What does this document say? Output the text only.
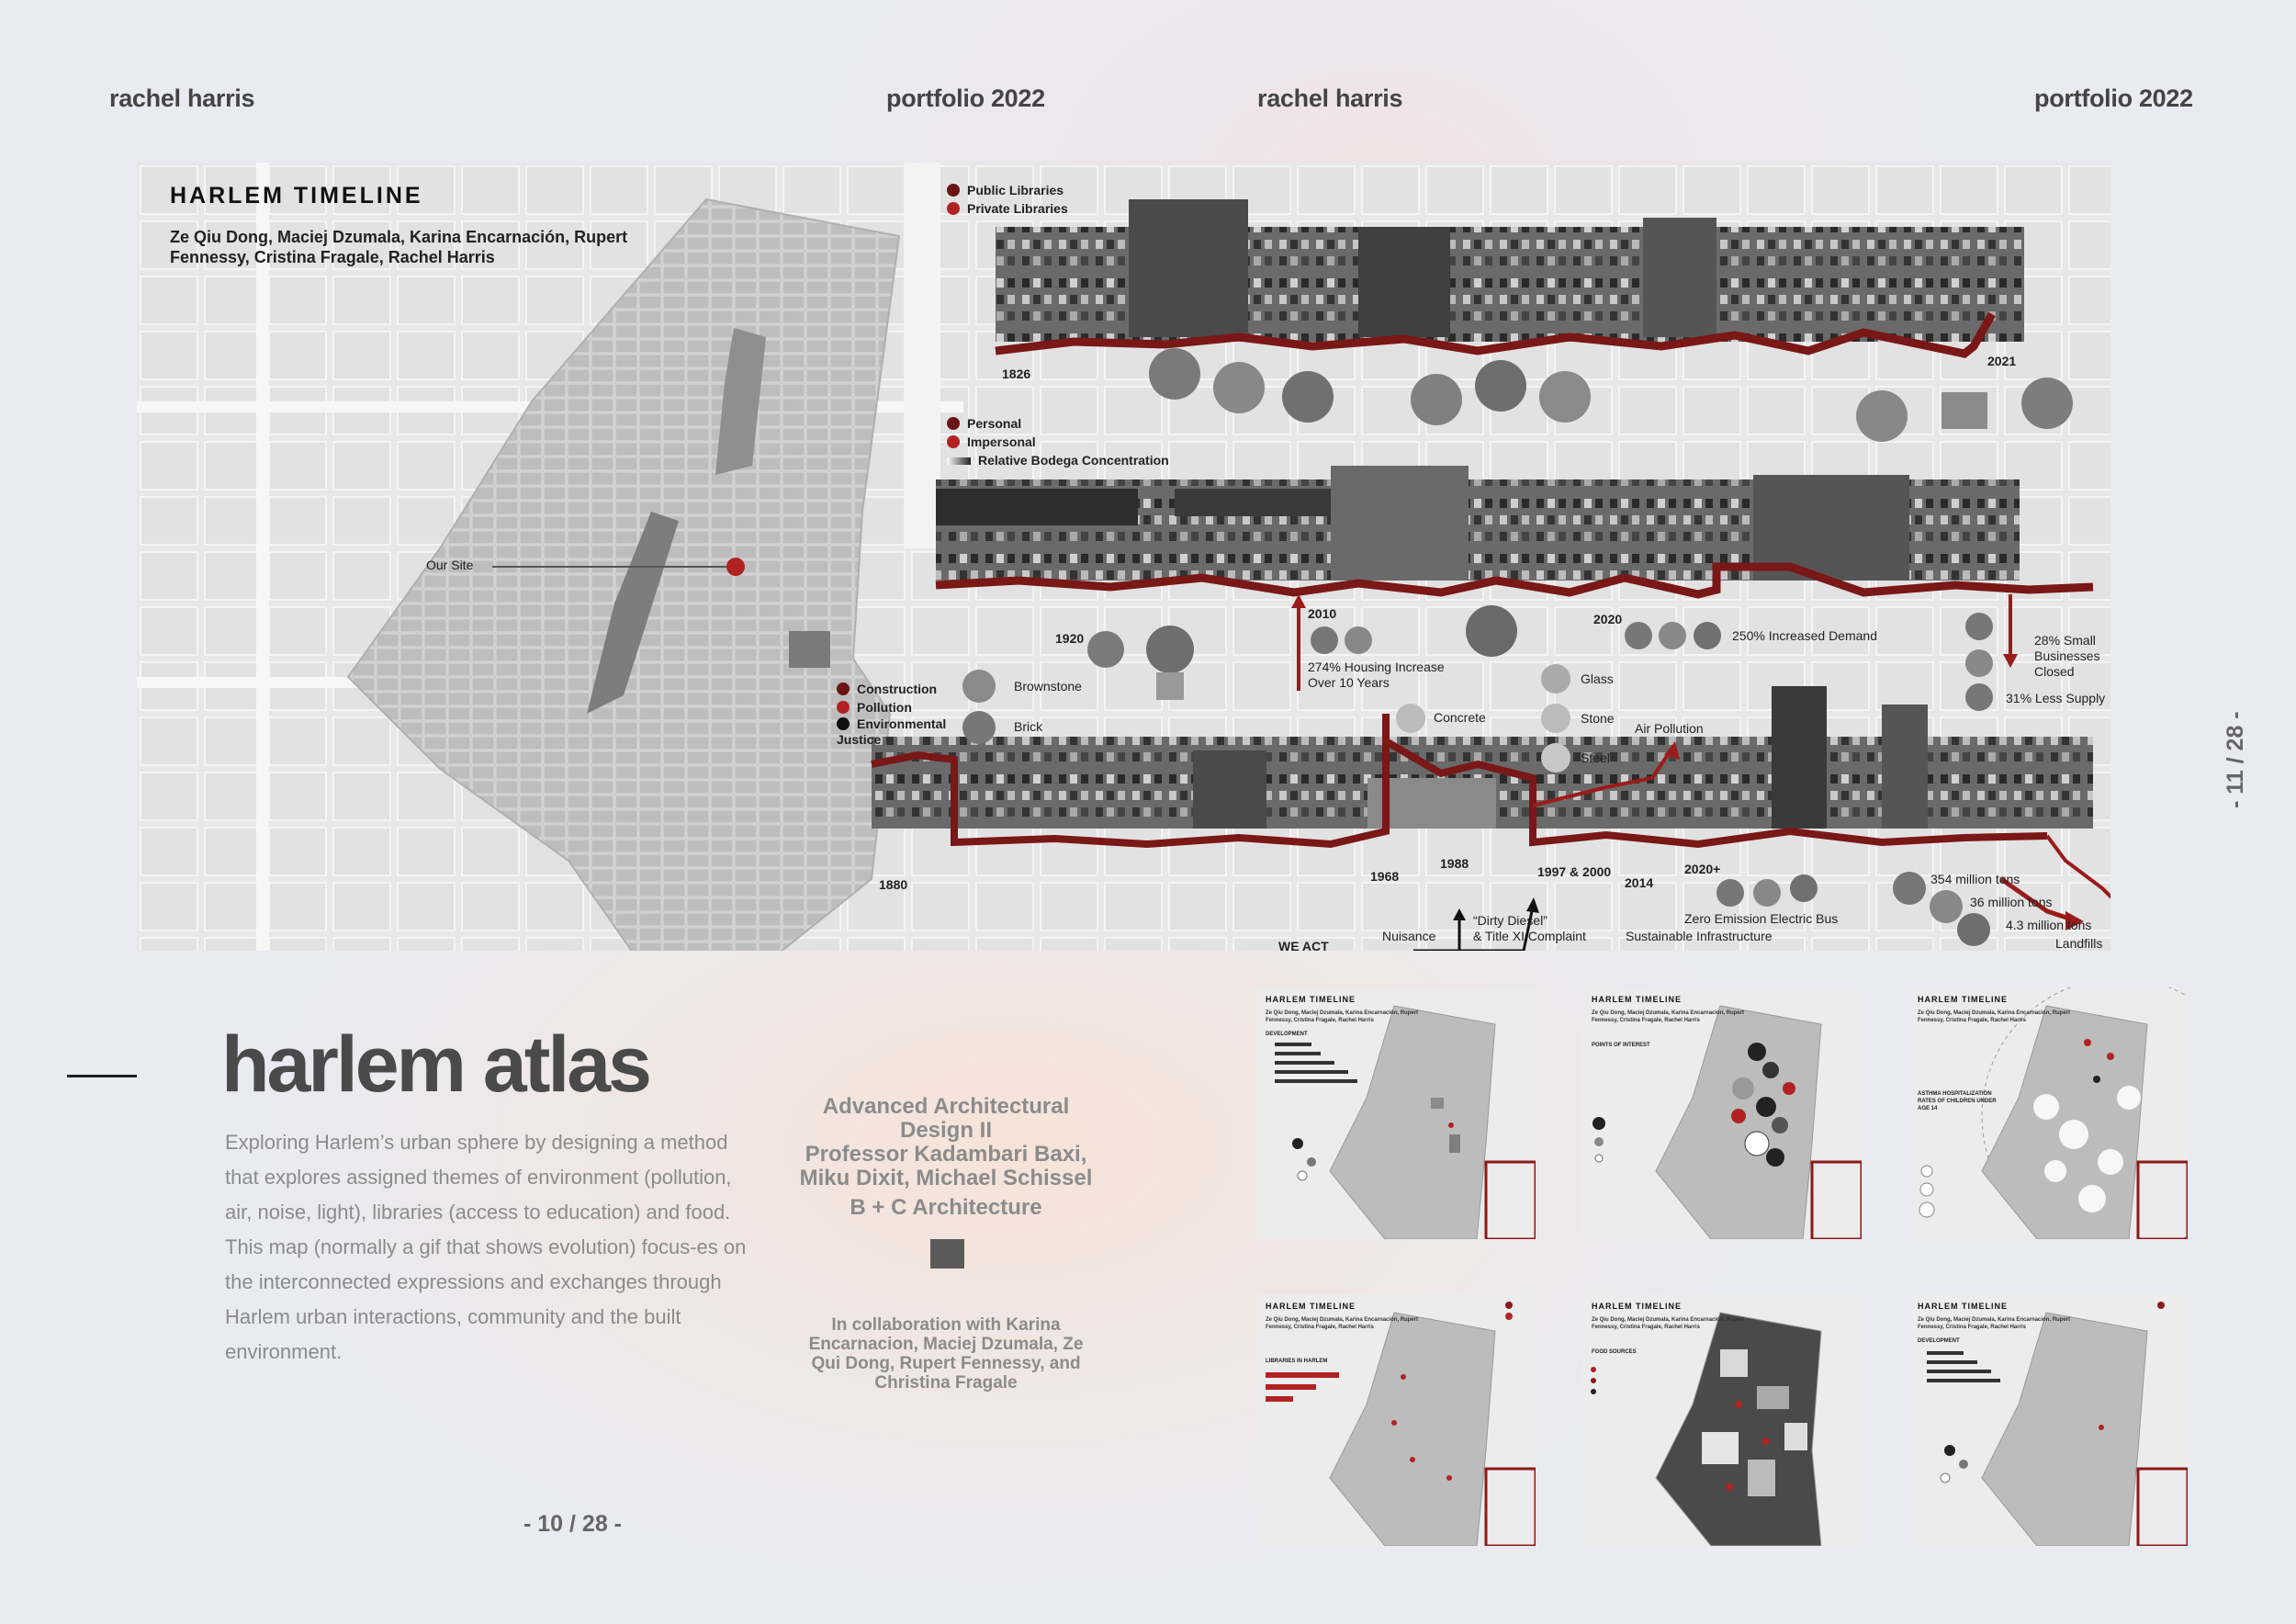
rachel harris	portfolio 2022	rachel harris	portfolio 2022
HARLEM TIMELINE
Ze Qiu Dong, Maciej Dzumala, Karina Encarnación, Rupert Fennessy, Cristina Fragale, Rachel Harris
Our Site
Public Libraries
Private Libraries
Personal
Impersonal
Relative Bodega Concentration
Construction
Pollution
Environmental Justice
Brownstone
Brick
Concrete
Glass
Stone
Steel
1826
2021
1920
2010	2020
1880
1968
1988
1997 & 2000
2014
2020+
274% Housing Increase Over 10 Years
250% Increased Demand	28% Small Businesses Closed
31% Less Supply
Air Pollution
354 million tons
36 million tons
4.3 million tons
Landfills
Zero Emission Electric Bus
Sustainable Infrastructure
“Dirty Diesel”
& Title XI Complaint
Nuisance
WE ACT
harlem atlas
Exploring Harlem’s urban sphere by designing a method that explores assigned themes of environment (pollution, air, noise, light), libraries (access to education) and food. This map (normally a gif that shows evolution) focus-es on the interconnected expressions and exchanges through Harlem urban interactions, community and the built environment.
Advanced Architectural Design II
Professor Kadambari Baxi, Miku Dixit, Michael Schissel
B + C Architecture
In collaboration with Karina Encarnacion, Maciej Dzumala, Ze Qui Dong, Rupert Fennessy, and Christina Fragale
- 10 / 28 -
- 11 / 28 -
HARLEM TIMELINE
Ze Qiu Dong, Maciej Dzumala, Karina Encarnación, Rupert Fennessy, Cristina Fragale, Rachel Harris
DEVELOPMENT
HARLEM TIMELINE
Ze Qiu Dong, Maciej Dzumala, Karina Encarnación, Rupert Fennessy, Cristina Fragale, Rachel Harris
POINTS OF INTEREST
HARLEM TIMELINE
Ze Qiu Dong, Maciej Dzumala, Karina Encarnación, Rupert Fennessy, Cristina Fragale, Rachel Harris
ASTHMA HOSPITALIZATION RATES OF CHILDREN UNDER AGE 14
HARLEM TIMELINE
Ze Qiu Dong, Maciej Dzumala, Karina Encarnación, Rupert Fennessy, Cristina Fragale, Rachel Harris
LIBRARIES IN HARLEM
HARLEM TIMELINE
Ze Qiu Dong, Maciej Dzumala, Karina Encarnación, Rupert Fennessy, Cristina Fragale, Rachel Harris
FOOD SOURCES
HARLEM TIMELINE
Ze Qiu Dong, Maciej Dzumala, Karina Encarnación, Rupert Fennessy, Cristina Fragale, Rachel Harris
DEVELOPMENT
